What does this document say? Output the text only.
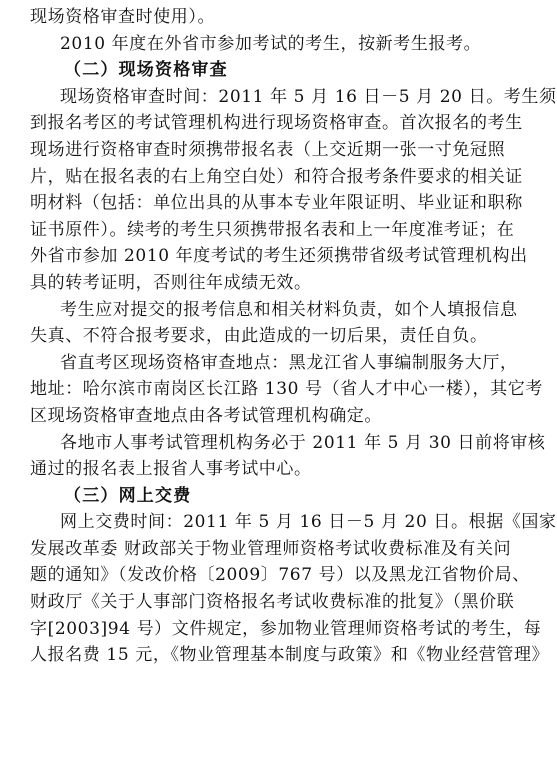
现场资格审查时使用）。
2010 年度在外省市参加考试的考生，按新考生报考。
（二）现场资格审查
现场资格审查时间：2011 年 5 月 16 日－5 月 20 日。考生须
到报名考区的考试管理机构进行现场资格审查。首次报名的考生
现场进行资格审查时须携带报名表（上交近期一张一寸免冠照
片，贴在报名表的右上角空白处）和符合报考条件要求的相关证
明材料（包括：单位出具的从事本专业年限证明、毕业证和职称
证书原件）。续考的考生只须携带报名表和上一年度准考证；在
外省市参加 2010 年度考试的考生还须携带省级考试管理机构出
具的转考证明，否则往年成绩无效。
考生应对提交的报考信息和相关材料负责，如个人填报信息
失真、不符合报考要求，由此造成的一切后果，责任自负。
省直考区现场资格审查地点：黑龙江省人事编制服务大厅，
地址：哈尔滨市南岗区长江路 130 号（省人才中心一楼），其它考
区现场资格审查地点由各考试管理机构确定。
各地市人事考试管理机构务必于 2011 年 5 月 30 日前将审核
通过的报名表上报省人事考试中心。
（三）网上交费
网上交费时间：2011 年 5 月 16 日－5 月 20 日。根据《国家
发展改革委 财政部关于物业管理师资格考试收费标准及有关问
题的通知》（发改价格〔2009〕767 号）以及黑龙江省物价局、
财政厅《关于人事部门资格报名考试收费标准的批复》（黑价联
字[2003]94 号）文件规定，参加物业管理师资格考试的考生，每
人报名费 15 元，《物业管理基本制度与政策》和《物业经营管理》
